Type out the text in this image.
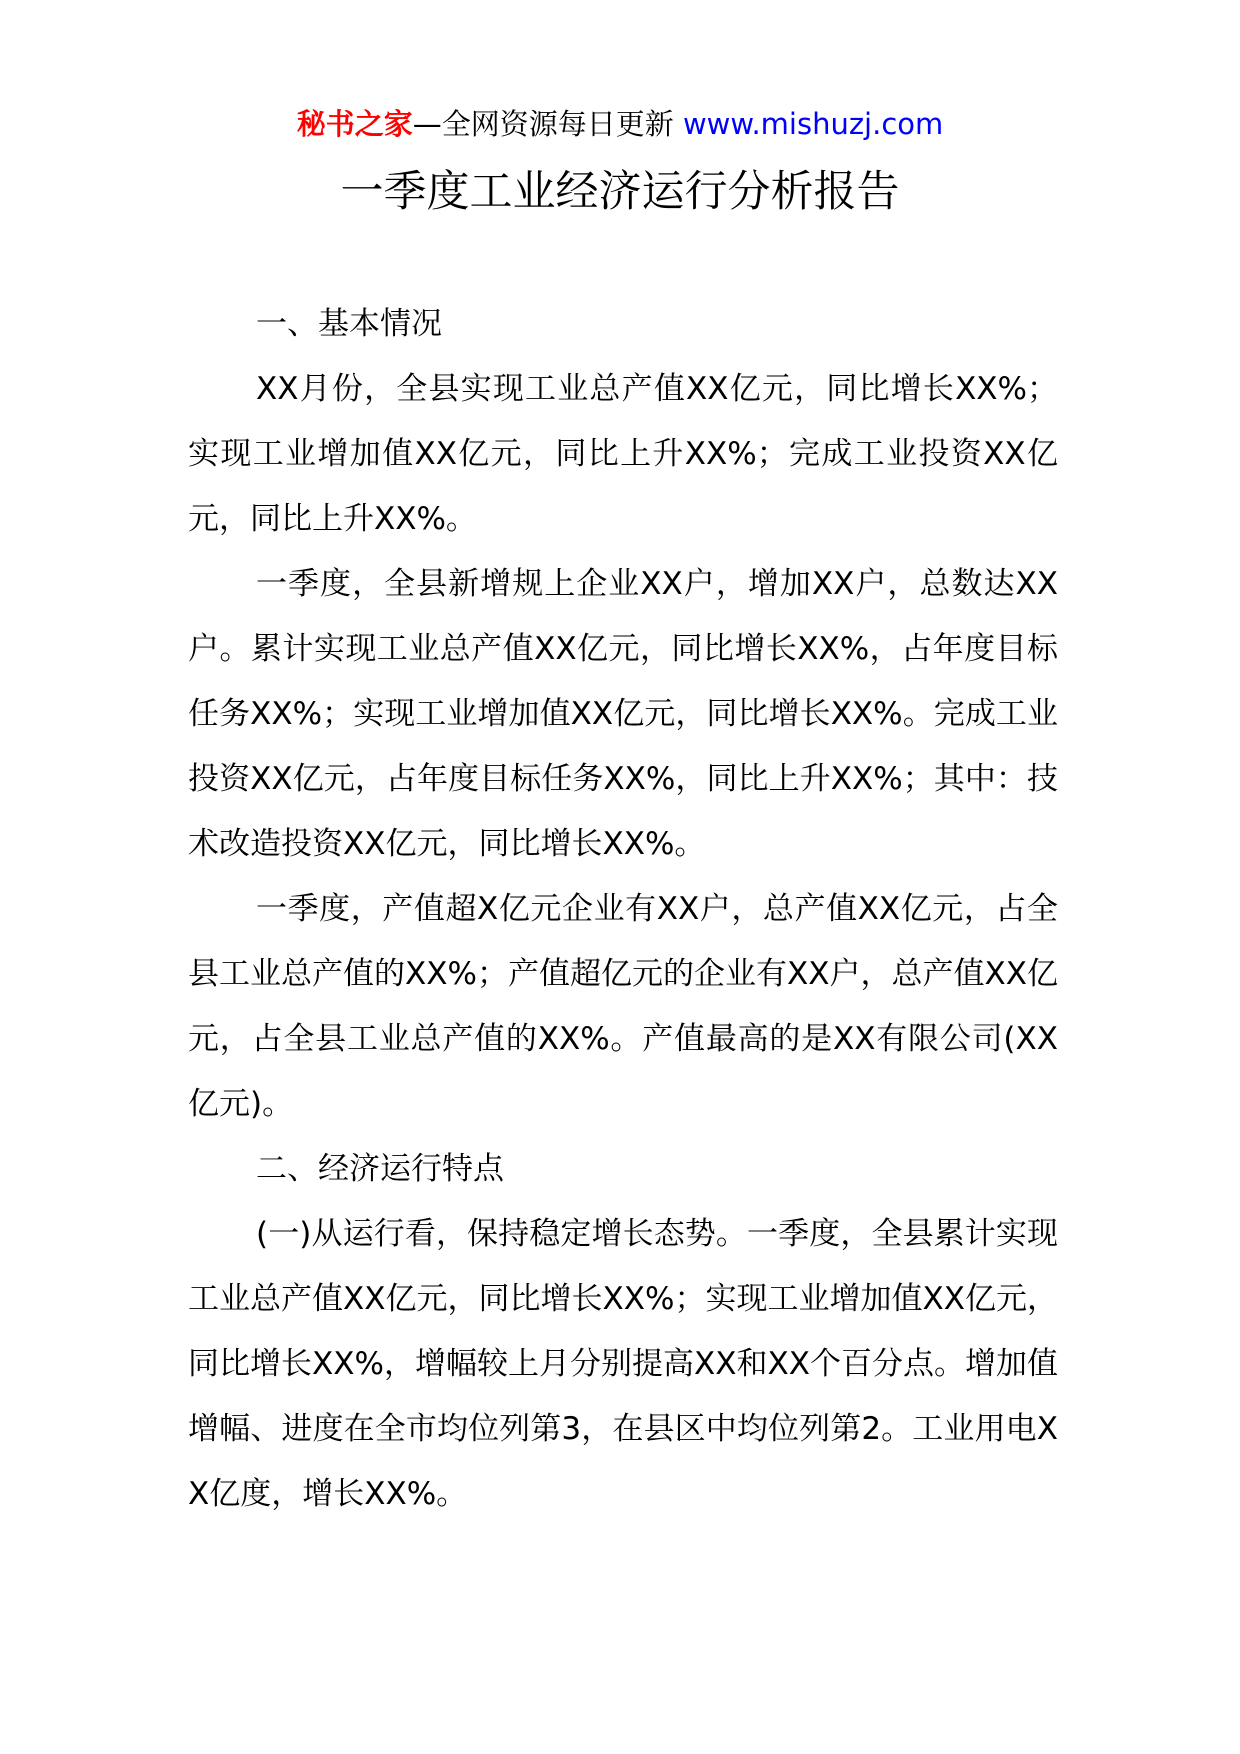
秘书之家—全网资源每日更新 www.mishuzj.com
一季度工业经济运行分析报告

一、基本情况

XX月份，全县实现工业总产值XX亿元，同比增长XX%；实现工业增加值XX亿元，同比上升XX%；完成工业投资XX亿元，同比上升XX%。

一季度，全县新增规上企业XX户，增加XX户，总数达XX户。累计实现工业总产值XX亿元，同比增长XX%，占年度目标任务XX%；实现工业增加值XX亿元，同比增长XX%。完成工业投资XX亿元，占年度目标任务XX%，同比上升XX%；其中：技术改造投资XX亿元，同比增长XX%。

一季度，产值超X亿元企业有XX户，总产值XX亿元，占全县工业总产值的XX%；产值超亿元的企业有XX户，总产值XX亿元，占全县工业总产值的XX%。产值最高的是XX有限公司(XX亿元)。

二、经济运行特点

(一)从运行看，保持稳定增长态势。一季度，全县累计实现工业总产值XX亿元，同比增长XX%；实现工业增加值XX亿元，同比增长XX%，增幅较上月分别提高XX和XX个百分点。增加值增幅、进度在全市均位列第3，在县区中均位列第2。工业用电XX亿度，增长XX%。
